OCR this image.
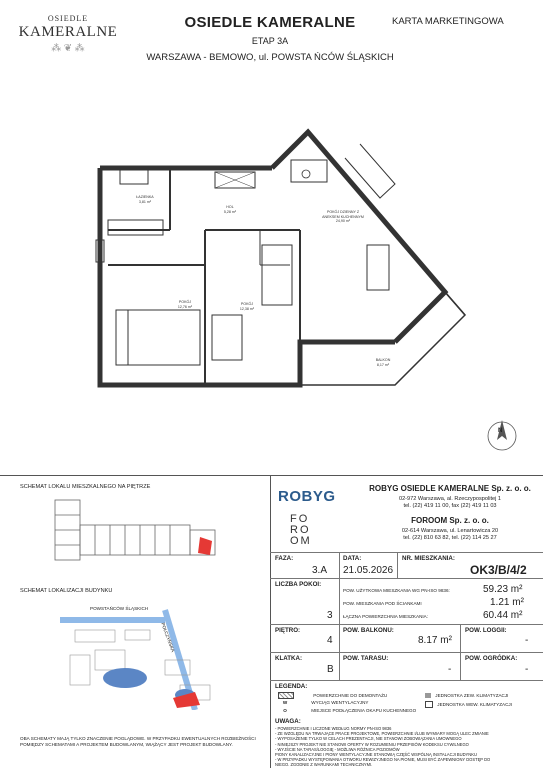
OSIEDLE
KAMERALNE
⁂ ❦ ⁂
OSIEDLE KAMERALNE
ETAP 3A
WARSZAWA - BEMOWO, ul. POWSTA ŃCÓW ŚLĄSKICH
KARTA MARKETINGOWA
ŁAZIENKA
3,81 m²
HOL
5,28 m²	POKÓJ DZIENNY Z ANEKSEM KUCHENNYM
24,90 m²
POKÓJ
12,76 m²
POKÓJ
12,38 m²
BALKON
8,17 m²
N
SCHEMAT LOKALU MIESZKALNEGO NA PIĘTRZE
SCHEMAT LOKALIZACJI BUDYNKU
POWSTAŃCÓW ŚLĄSKICH
POŁCZYŃSKA
OBA SCHEMATY MAJĄ TYLKO ZNACZENIE POGLĄDOWE. W PRZYPADKU EWENTUALNYCH ROZBIEŻNOŚCI
POMIĘDZY SCHEMATAMI A PROJEKTEM BUDOWLANYM, WIĄŻĄCY JEST PROJEKT BUDOWLANY.
ROBYG	ROBYG OSIEDLE KAMERALNE Sp. z. o. o.
02-972 Warszawa, al. Rzeczypospolitej 1
tel. (22) 419 11 00, fax (22) 419 11 03
FO
RO
OM
FOROOM Sp. z. o. o.
02-614 Warszawa, ul. Lenartowicza 20
tel. (22) 810 63 82, tel. (22) 114 25 27
FAZA:
3.A
DATA:
21.05.2026
NR. MIESZKANIA:
OK3/B/4/2
LICZBA POKOI:
3
POW. UŻYTKOWA MIESZKANIA WG PN-ISO 9836:	59.23 m²
POW. MIESZKANIA POD ŚCIANKAMI	1.21 m²
ŁĄCZNA POWIERZCHNIA MIESZKANIA:	60.44 m²
PIĘTRO:
4
POW. BALKONU:
8.17 m²
POW. LOGGII:
-
KLATKA:
B
POW. TARASU:
-
POW. OGRÓDKA:
-
LEGENDA:
POWIERZCHNIE DO DEMONTAŻU
W	WYCIĄG WENTYLACYJNY
O	MIEJSCE PODŁĄCZENIA OKAPU KUCHENNEGO
JEDNOSTKA ZEW. KLIMATYZACJI
JEDNOSTKA WEW. KLIMATYZACJI
UWAGA:
- POWIERZCHNIE I LICZONE WEDŁUG NORMY PN-ISO 9836
- ZE WZGLĘDU NA TRWAJĄCE PRACE PROJEKTOWE, POWIERZCHNIE I/LUB WYMIARY MOGĄ ULEC ZMIANIE
- WYPOSAŻENIE TYLKO W CELACH PREZENTACJI, NIE STANOWI ZOBOWIĄZANIA UMOWNEGO
- NINIEJSZY PROJEKT NIE STANOWI OFERTY W ROZUMIENIU PRZEPISÓW KODEKSU CYWILNEGO
- WYJŚCIE NA TARAS/LOGGIĘ - MOŻLIWA RÓŻNICA POZIOMÓW
PIONY KANALIZACYJNE I PIONY WENTYLACYJNE STANOWIĄ CZĘŚĆ WSPÓLNĄ INSTALACJI BUDYNKU
- W PRZYPADKU WYSTĘPOWANIA OTWORU REWIZYJNEGO NA PIONIE, MUSI BYĆ ZAPEWNIONY DOSTĘP DO
NIEGO. ZGODNIE Z WARUNKAMI TECHNICZNYMI.
